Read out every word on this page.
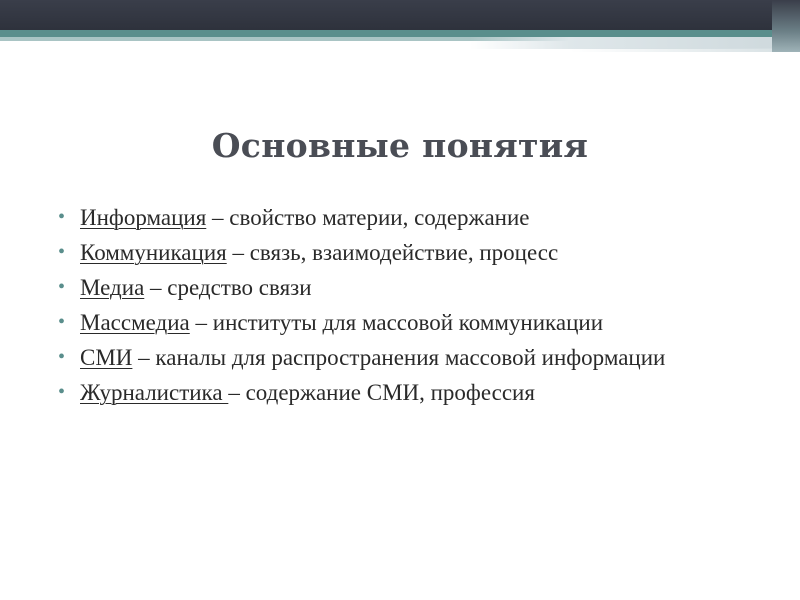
Основные понятия
• Информация – свойство материи, содержание
• Коммуникация – связь, взаимодействие, процесс
• Медиа – средство связи
• Массмедиа – институты для массовой коммуникации
• СМИ – каналы для распространения массовой информации
• Журналистика – содержание СМИ, профессия
